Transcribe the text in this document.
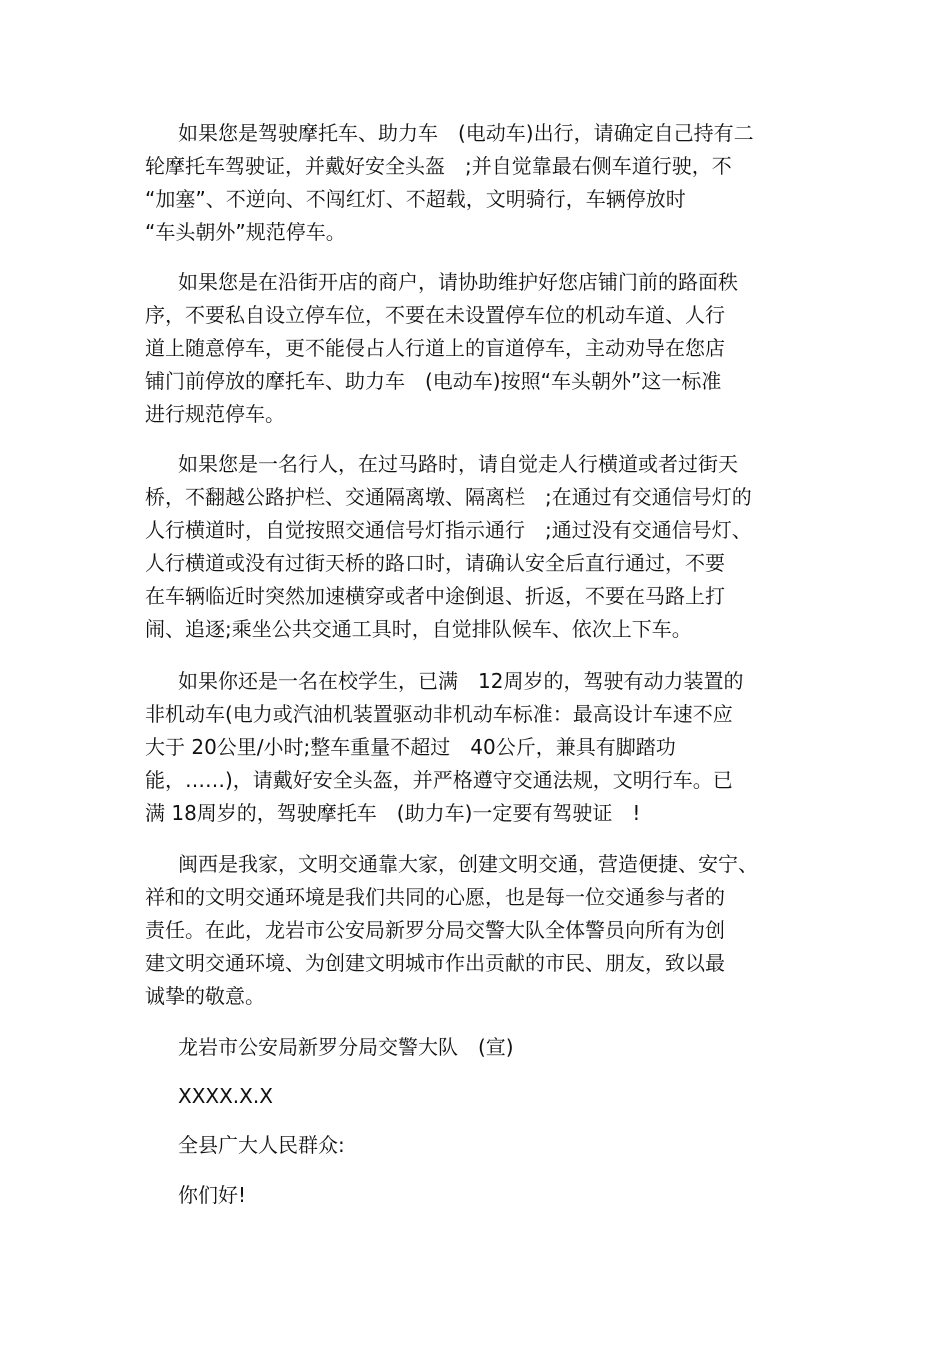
如果您是驾驶摩托车、助力车　(电动车)出行，请确定自己持有二
轮摩托车驾驶证，并戴好安全头盔　;并自觉靠最右侧车道行驶，不
“加塞”、不逆向、不闯红灯、不超载，文明骑行，车辆停放时
“车头朝外”规范停车。
如果您是在沿街开店的商户，请协助维护好您店铺门前的路面秩
序，不要私自设立停车位，不要在未设置停车位的机动车道、人行
道上随意停车，更不能侵占人行道上的盲道停车，主动劝导在您店
铺门前停放的摩托车、助力车　(电动车)按照“车头朝外”这一标准
进行规范停车。
如果您是一名行人，在过马路时，请自觉走人行横道或者过街天
桥，不翻越公路护栏、交通隔离墩、隔离栏　;在通过有交通信号灯的
人行横道时，自觉按照交通信号灯指示通行　;通过没有交通信号灯、
人行横道或没有过街天桥的路口时，请确认安全后直行通过，不要
在车辆临近时突然加速横穿或者中途倒退、折返，不要在马路上打
闹、追逐;乘坐公共交通工具时，自觉排队候车、依次上下车。
如果你还是一名在校学生，已满　12周岁的，驾驶有动力装置的
非机动车(电力或汽油机装置驱动非机动车标准：最高设计车速不应
大于 20公里/小时;整车重量不超过　40公斤，兼具有脚踏功
能，……)，请戴好安全头盔，并严格遵守交通法规，文明行车。已
满 18周岁的，驾驶摩托车　(助力车)一定要有驾驶证　!
闽西是我家，文明交通靠大家，创建文明交通，营造便捷、安宁、
祥和的文明交通环境是我们共同的心愿，也是每一位交通参与者的
责任。在此，龙岩市公安局新罗分局交警大队全体警员向所有为创
建文明交通环境、为创建文明城市作出贡献的市民、朋友，致以最
诚挚的敬意。
龙岩市公安局新罗分局交警大队　(宣)
XXXX.X.X
全县广大人民群众:
你们好!
